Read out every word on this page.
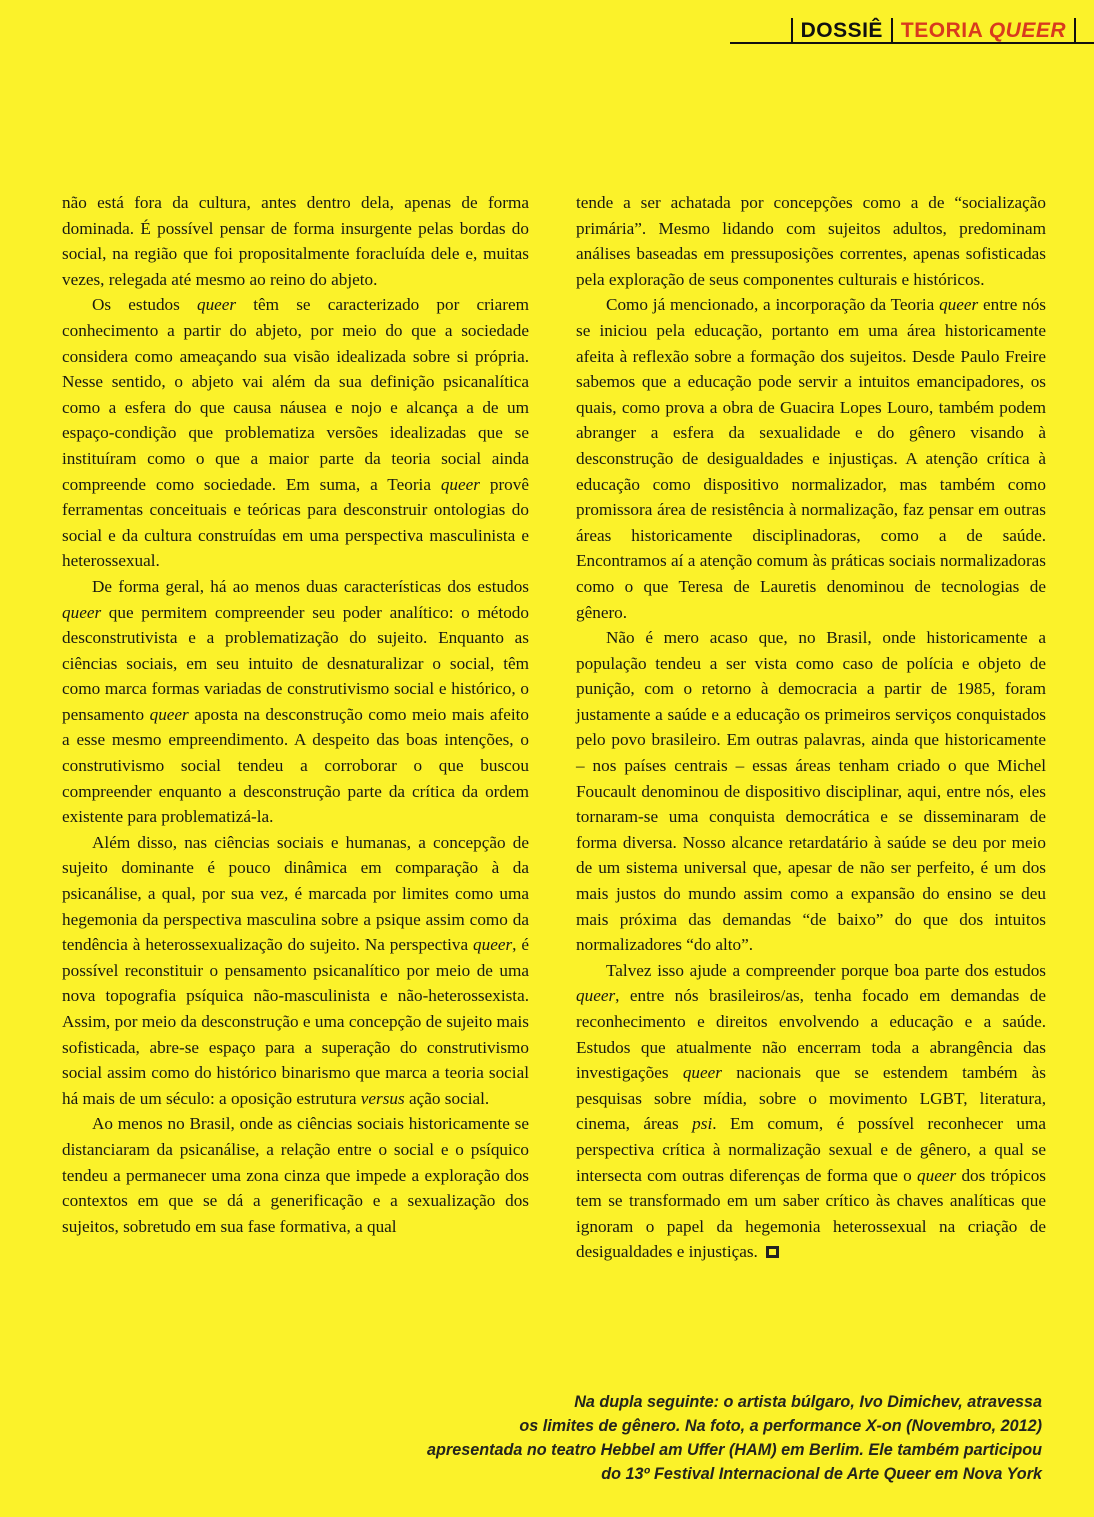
DOSSIÊ TEORIA QUEER

não está fora da cultura, antes dentro dela, apenas de forma dominada. É possível pensar de forma insurgente pelas bordas do social, na região que foi propositalmente foracluída dele e, muitas vezes, relegada até mesmo ao reino do abjeto.

Os estudos queer têm se caracterizado por criarem conhecimento a partir do abjeto, por meio do que a sociedade considera como ameaçando sua visão idealizada sobre si própria. Nesse sentido, o abjeto vai além da sua definição psicanalítica como a esfera do que causa náusea e nojo e alcança a de um espaço-condição que problematiza versões idealizadas que se instituíram como o que a maior parte da teoria social ainda compreende como sociedade. Em suma, a Teoria queer provê ferramentas conceituais e teóricas para desconstruir ontologias do social e da cultura construídas em uma perspectiva masculinista e heterossexual.

De forma geral, há ao menos duas características dos estudos queer que permitem compreender seu poder analítico: o método desconstrutivista e a problematização do sujeito. Enquanto as ciências sociais, em seu intuito de desnaturalizar o social, têm como marca formas variadas de construtivismo social e histórico, o pensamento queer aposta na desconstrução como meio mais afeito a esse mesmo empreendimento. A despeito das boas intenções, o construtivismo social tendeu a corroborar o que buscou compreender enquanto a desconstrução parte da crítica da ordem existente para problematizá-la.

Além disso, nas ciências sociais e humanas, a concepção de sujeito dominante é pouco dinâmica em comparação à da psicanálise, a qual, por sua vez, é marcada por limites como uma hegemonia da perspectiva masculina sobre a psique assim como da tendência à heterossexualização do sujeito. Na perspectiva queer, é possível reconstituir o pensamento psicanalítico por meio de uma nova topografia psíquica não-masculinista e não-heterossexista. Assim, por meio da desconstrução e uma concepção de sujeito mais sofisticada, abre-se espaço para a superação do construtivismo social assim como do histórico binarismo que marca a teoria social há mais de um século: a oposição estrutura versus ação social.

Ao menos no Brasil, onde as ciências sociais historicamente se distanciaram da psicanálise, a relação entre o social e o psíquico tendeu a permanecer uma zona cinza que impede a exploração dos contextos em que se dá a generificação e a sexualização dos sujeitos, sobretudo em sua fase formativa, a qual

tende a ser achatada por concepções como a de “socialização primária”. Mesmo lidando com sujeitos adultos, predominam análises baseadas em pressuposições correntes, apenas sofisticadas pela exploração de seus componentes culturais e históricos.

Como já mencionado, a incorporação da Teoria queer entre nós se iniciou pela educação, portanto em uma área historicamente afeita à reflexão sobre a formação dos sujeitos. Desde Paulo Freire sabemos que a educação pode servir a intuitos emancipadores, os quais, como prova a obra de Guacira Lopes Louro, também podem abranger a esfera da sexualidade e do gênero visando à desconstrução de desigualdades e injustiças. A atenção crítica à educação como dispositivo normalizador, mas também como promissora área de resistência à normalização, faz pensar em outras áreas historicamente disciplinadoras, como a de saúde. Encontramos aí a atenção comum às práticas sociais normalizadoras como o que Teresa de Lauretis denominou de tecnologias de gênero.

Não é mero acaso que, no Brasil, onde historicamente a população tendeu a ser vista como caso de polícia e objeto de punição, com o retorno à democracia a partir de 1985, foram justamente a saúde e a educação os primeiros serviços conquistados pelo povo brasileiro. Em outras palavras, ainda que historicamente – nos países centrais – essas áreas tenham criado o que Michel Foucault denominou de dispositivo disciplinar, aqui, entre nós, eles tornaram-se uma conquista democrática e se disseminaram de forma diversa. Nosso alcance retardatário à saúde se deu por meio de um sistema universal que, apesar de não ser perfeito, é um dos mais justos do mundo assim como a expansão do ensino se deu mais próxima das demandas “de baixo” do que dos intuitos normalizadores “do alto”.

Talvez isso ajude a compreender porque boa parte dos estudos queer, entre nós brasileiros/as, tenha focado em demandas de reconhecimento e direitos envolvendo a educação e a saúde. Estudos que atualmente não encerram toda a abrangência das investigações queer nacionais que se estendem também às pesquisas sobre mídia, sobre o movimento LGBT, literatura, cinema, áreas psi. Em comum, é possível reconhecer uma perspectiva crítica à normalização sexual e de gênero, a qual se intersecta com outras diferenças de forma que o queer dos trópicos tem se transformado em um saber crítico às chaves analíticas que ignoram o papel da hegemonia heterossexual na criação de desigualdades e injustiças.

Na dupla seguinte: o artista búlgaro, Ivo Dimichev, atravessa
os limites de gênero. Na foto, a performance X-on (Novembro, 2012)
apresentada no teatro Hebbel am Uffer (HAM) em Berlim. Ele também participou
do 13º Festival Internacional de Arte Queer em Nova York
